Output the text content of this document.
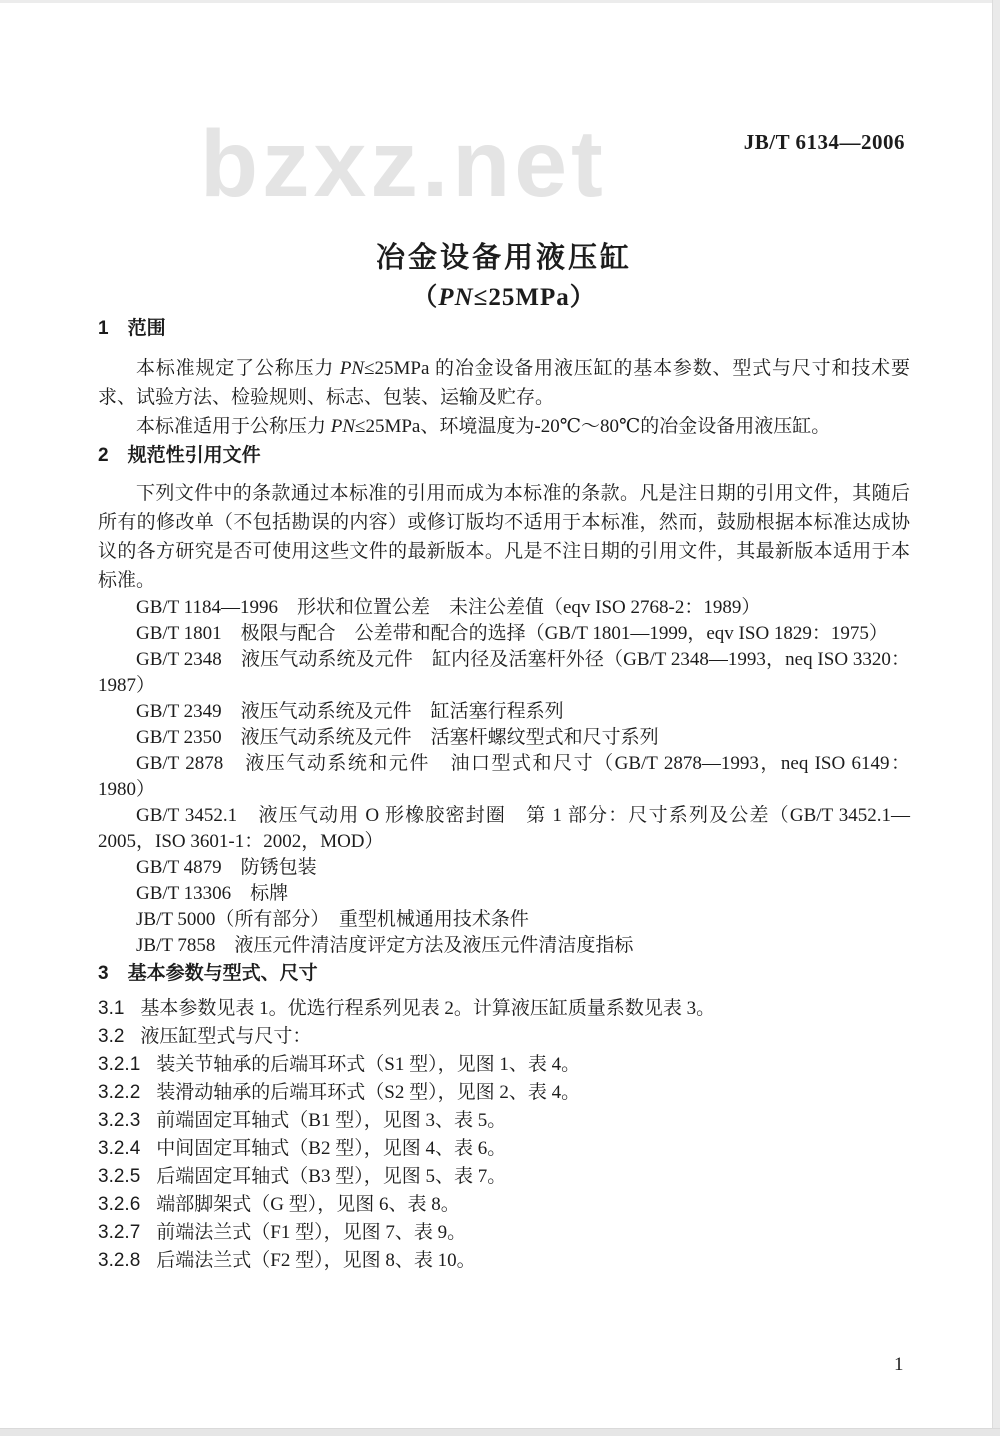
bzxz.net	JB/T 6134—2006
冶金设备用液压缸
（PN≤25MPa）
1　范围

本标准规定了公称压力 PN≤25MPa 的冶金设备用液压缸的基本参数、型式与尺寸和技术要求、试验方法、检验规则、标志、包装、运输及贮存。

本标准适用于公称压力 PN≤25MPa、环境温度为-20℃～80℃的冶金设备用液压缸。

2　规范性引用文件

下列文件中的条款通过本标准的引用而成为本标准的条款。凡是注日期的引用文件，其随后所有的修改单（不包括勘误的内容）或修订版均不适用于本标准，然而，鼓励根据本标准达成协议的各方研究是否可使用这些文件的最新版本。凡是不注日期的引用文件，其最新版本适用于本标准。

GB/T 1184—1996　形状和位置公差　未注公差值（eqv ISO 2768-2：1989）

GB/T 1801　极限与配合　公差带和配合的选择（GB/T 1801—1999，eqv ISO 1829：1975）

GB/T 2348　液压气动系统及元件　缸内径及活塞杆外径（GB/T 2348—1993，neq ISO 3320：1987）

GB/T 2349　液压气动系统及元件　缸活塞行程系列

GB/T 2350　液压气动系统及元件　活塞杆螺纹型式和尺寸系列

GB/T 2878　液压气动系统和元件　油口型式和尺寸（GB/T 2878—1993，neq ISO 6149：1980）

GB/T 3452.1　液压气动用 O 形橡胶密封圈　第 1 部分：尺寸系列及公差（GB/T 3452.1—2005，ISO 3601-1：2002，MOD）

GB/T 4879　防锈包装

GB/T 13306　标牌

JB/T 5000（所有部分）　重型机械通用技术条件

JB/T 7858　液压元件清洁度评定方法及液压元件清洁度指标

3　基本参数与型式、尺寸

3.1 基本参数见表 1。优选行程系列见表 2。计算液压缸质量系数见表 3。

3.2 液压缸型式与尺寸：

3.2.1 装关节轴承的后端耳环式（S1 型），见图 1、表 4。

3.2.2 装滑动轴承的后端耳环式（S2 型），见图 2、表 4。

3.2.3 前端固定耳轴式（B1 型），见图 3、表 5。

3.2.4 中间固定耳轴式（B2 型），见图 4、表 6。

3.2.5 后端固定耳轴式（B3 型），见图 5、表 7。

3.2.6 端部脚架式（G 型），见图 6、表 8。

3.2.7 前端法兰式（F1 型），见图 7、表 9。

3.2.8 后端法兰式（F2 型），见图 8、表 10。

1
